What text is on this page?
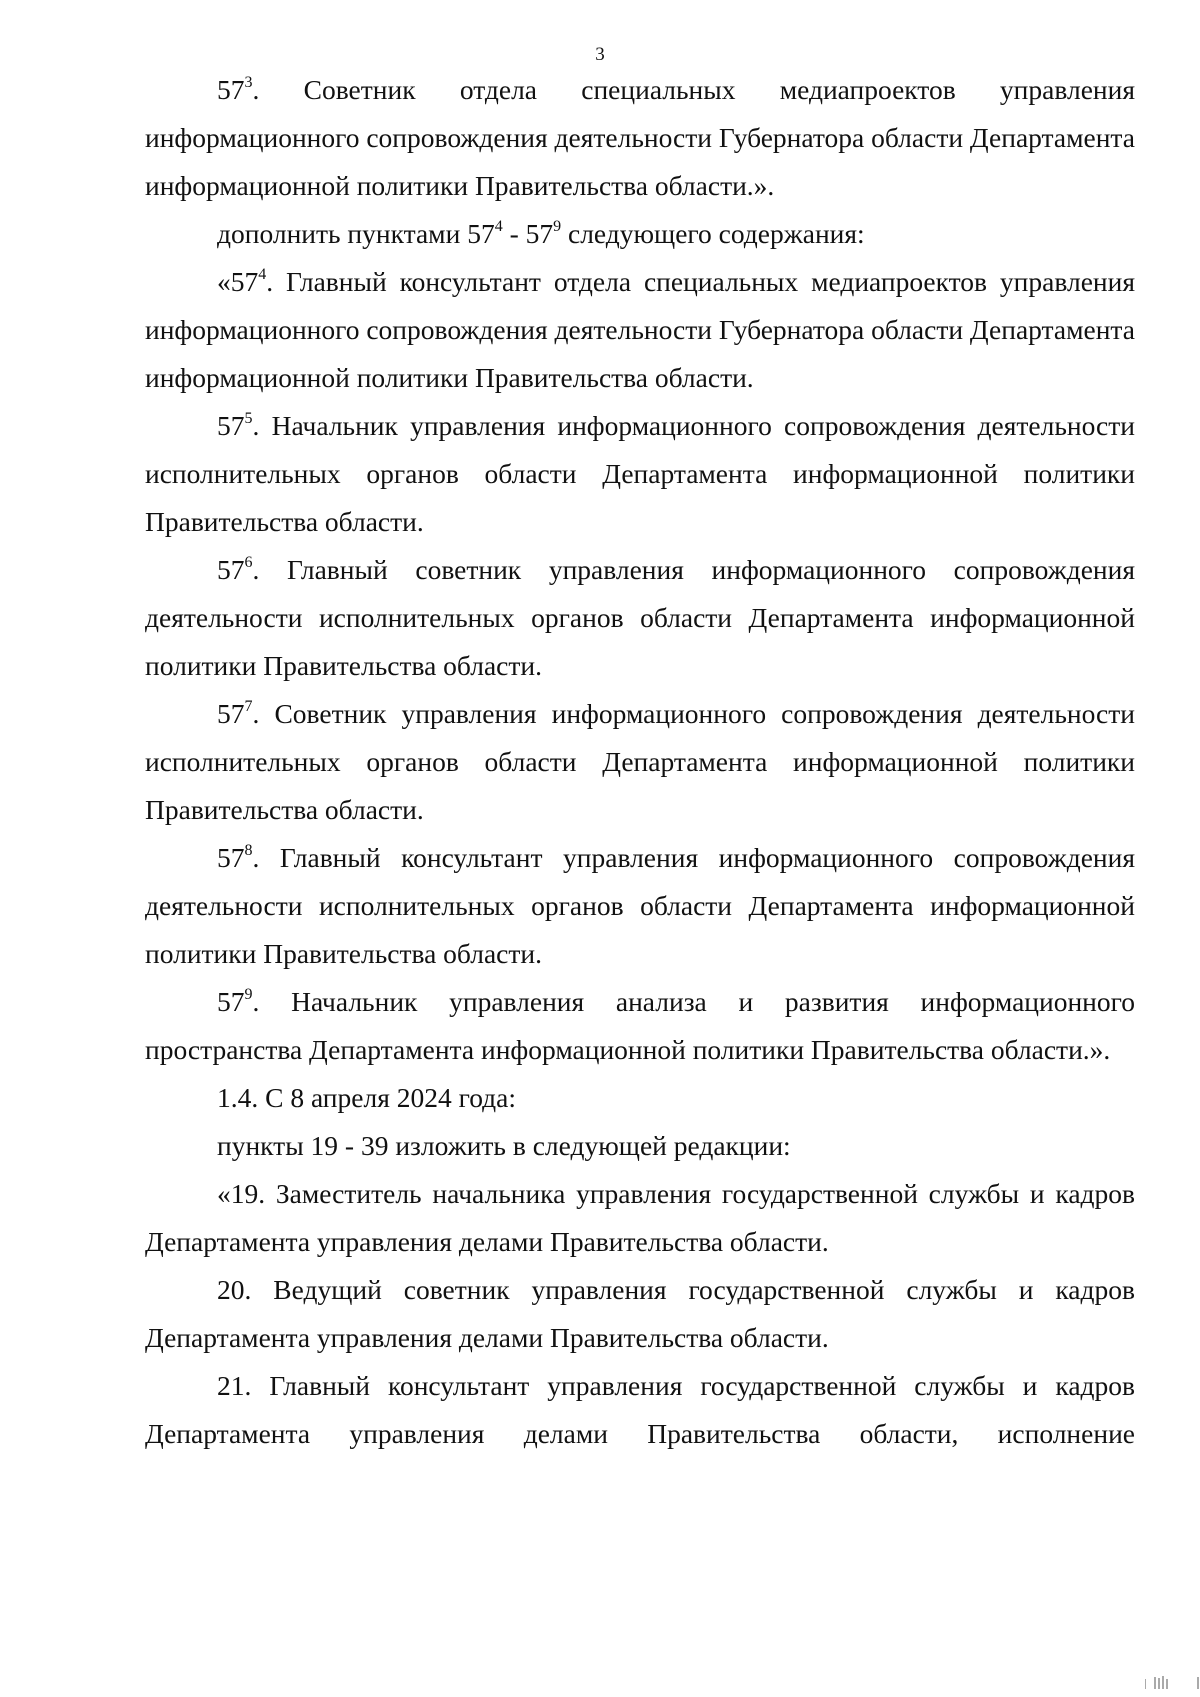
3

$57^3$. Советник отдела специальных медиапроектов управления информационного сопровождения деятельности Губернатора области Департамента информационной политики Правительства области.».

дополнить пунктами $57^4 - 57^9$ следующего содержания:

«$57^4$. Главный консультант отдела специальных медиапроектов управления информационного сопровождения деятельности Губернатора области Департамента информационной политики Правительства области.

$57^5$. Начальник управления информационного сопровождения деятельности исполнительных органов области Департамента информационной политики Правительства области.

$57^6$. Главный советник управления информационного сопровождения деятельности исполнительных органов области Департамента информационной политики Правительства области.

$57^7$. Советник управления информационного сопровождения деятельности исполнительных органов области Департамента информационной политики Правительства области.

$57^8$. Главный консультант управления информационного сопровождения деятельности исполнительных органов области Департамента информационной политики Правительства области.

$57^9$. Начальник управления анализа и развития информационного пространства Департамента информационной политики Правительства области.».

1.4. С 8 апреля 2024 года:

пункты 19 - 39 изложить в следующей редакции:

«19. Заместитель начальника управления государственной службы и кадров Департамента управления делами Правительства области.

20. Ведущий советник управления государственной службы и кадров Департамента управления делами Правительства области.

21. Главный консультант управления государственной службы и кадров Департамента управления делами Правительства области, исполнение
